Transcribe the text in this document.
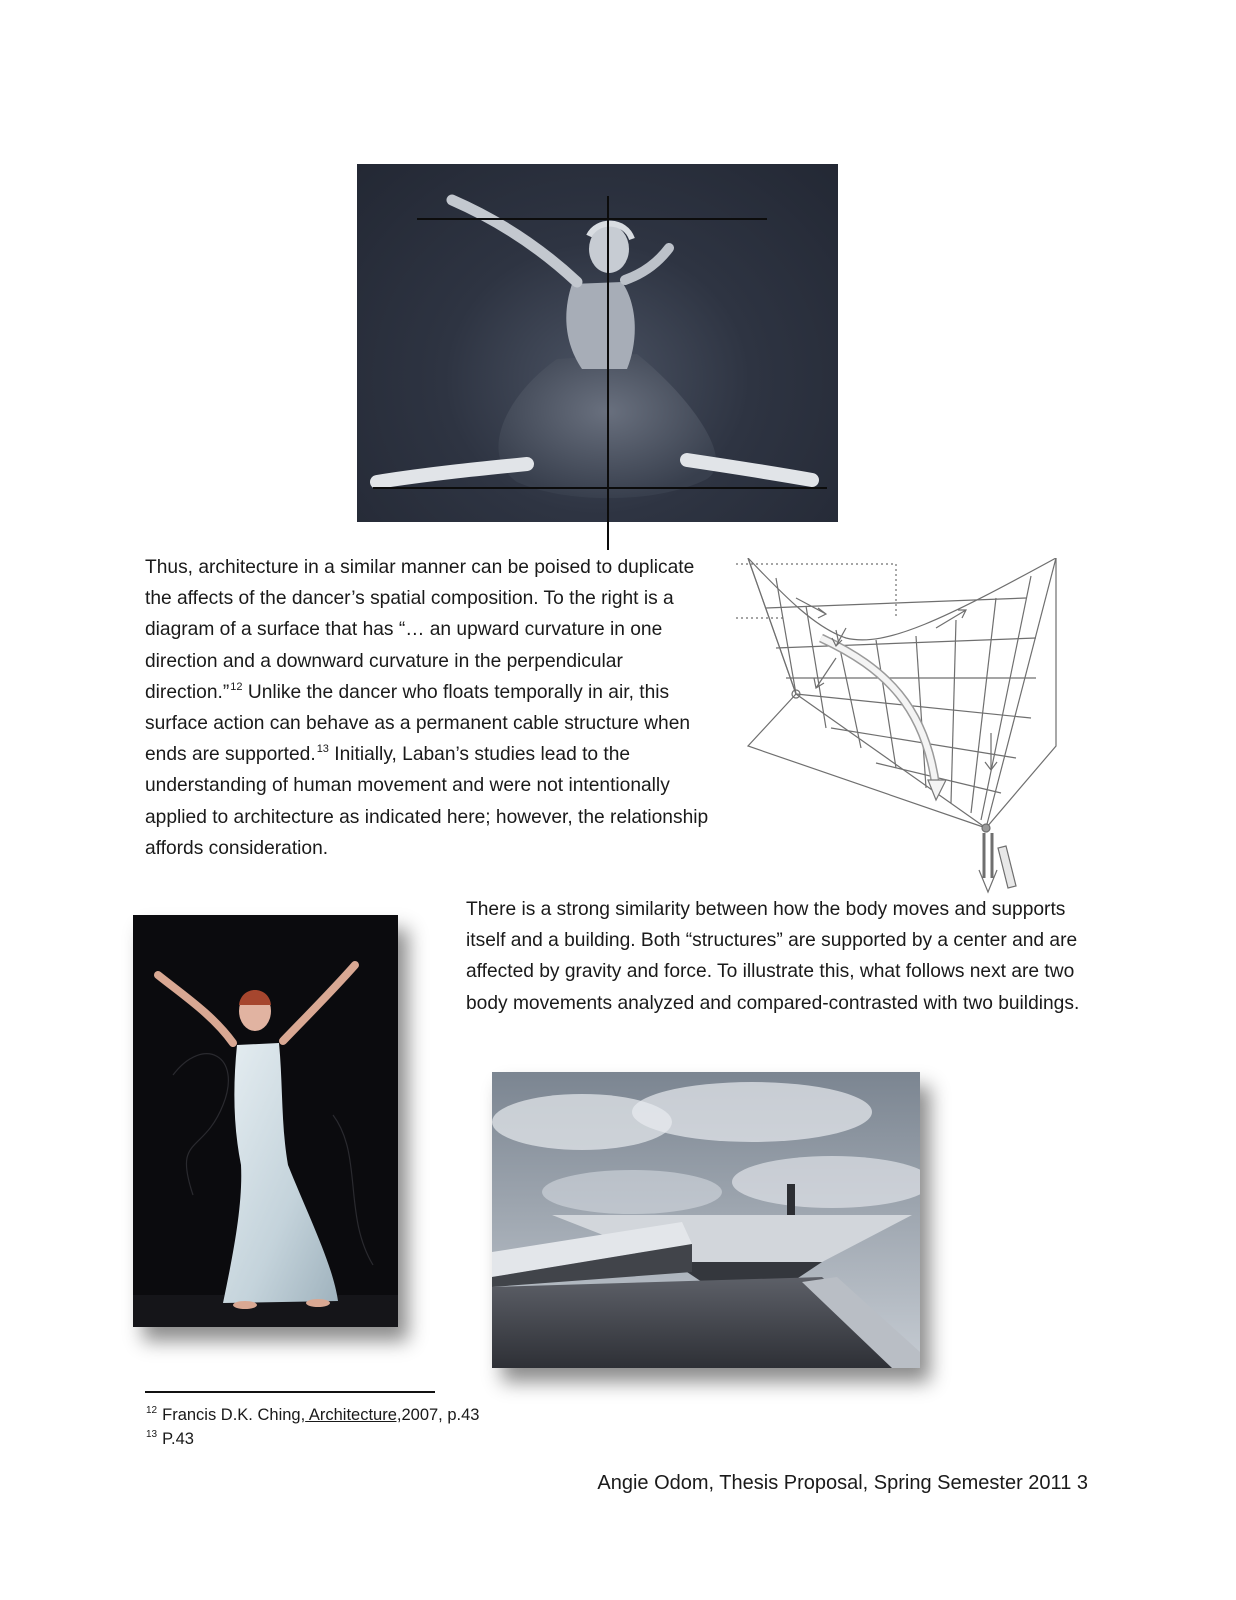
Thus, architecture in a similar manner can be poised to duplicate the affects of the dancer’s spatial composition. To the right is a diagram of a surface that has “… an upward curvature in one direction and a downward curvature in the perpendicular direction.”$^{12}$ Unlike the dancer who floats temporally in air, this surface action can behave as a permanent cable structure when ends are supported.$^{13}$ Initially, Laban’s studies lead to the understanding of human movement and were not intentionally applied to architecture as indicated here; however, the relationship affords consideration.

There is a strong similarity between how the body moves and supports itself and a building. Both “structures” are supported by a center and are affected by gravity and force. To illustrate this, what follows next are two body movements analyzed and compared-contrasted with two buildings.

$^{12}$ Francis D.K. Ching, Architecture,2007, p.43
$^{13}$ P.43
Angie Odom, Thesis Proposal, Spring Semester 2011 3
